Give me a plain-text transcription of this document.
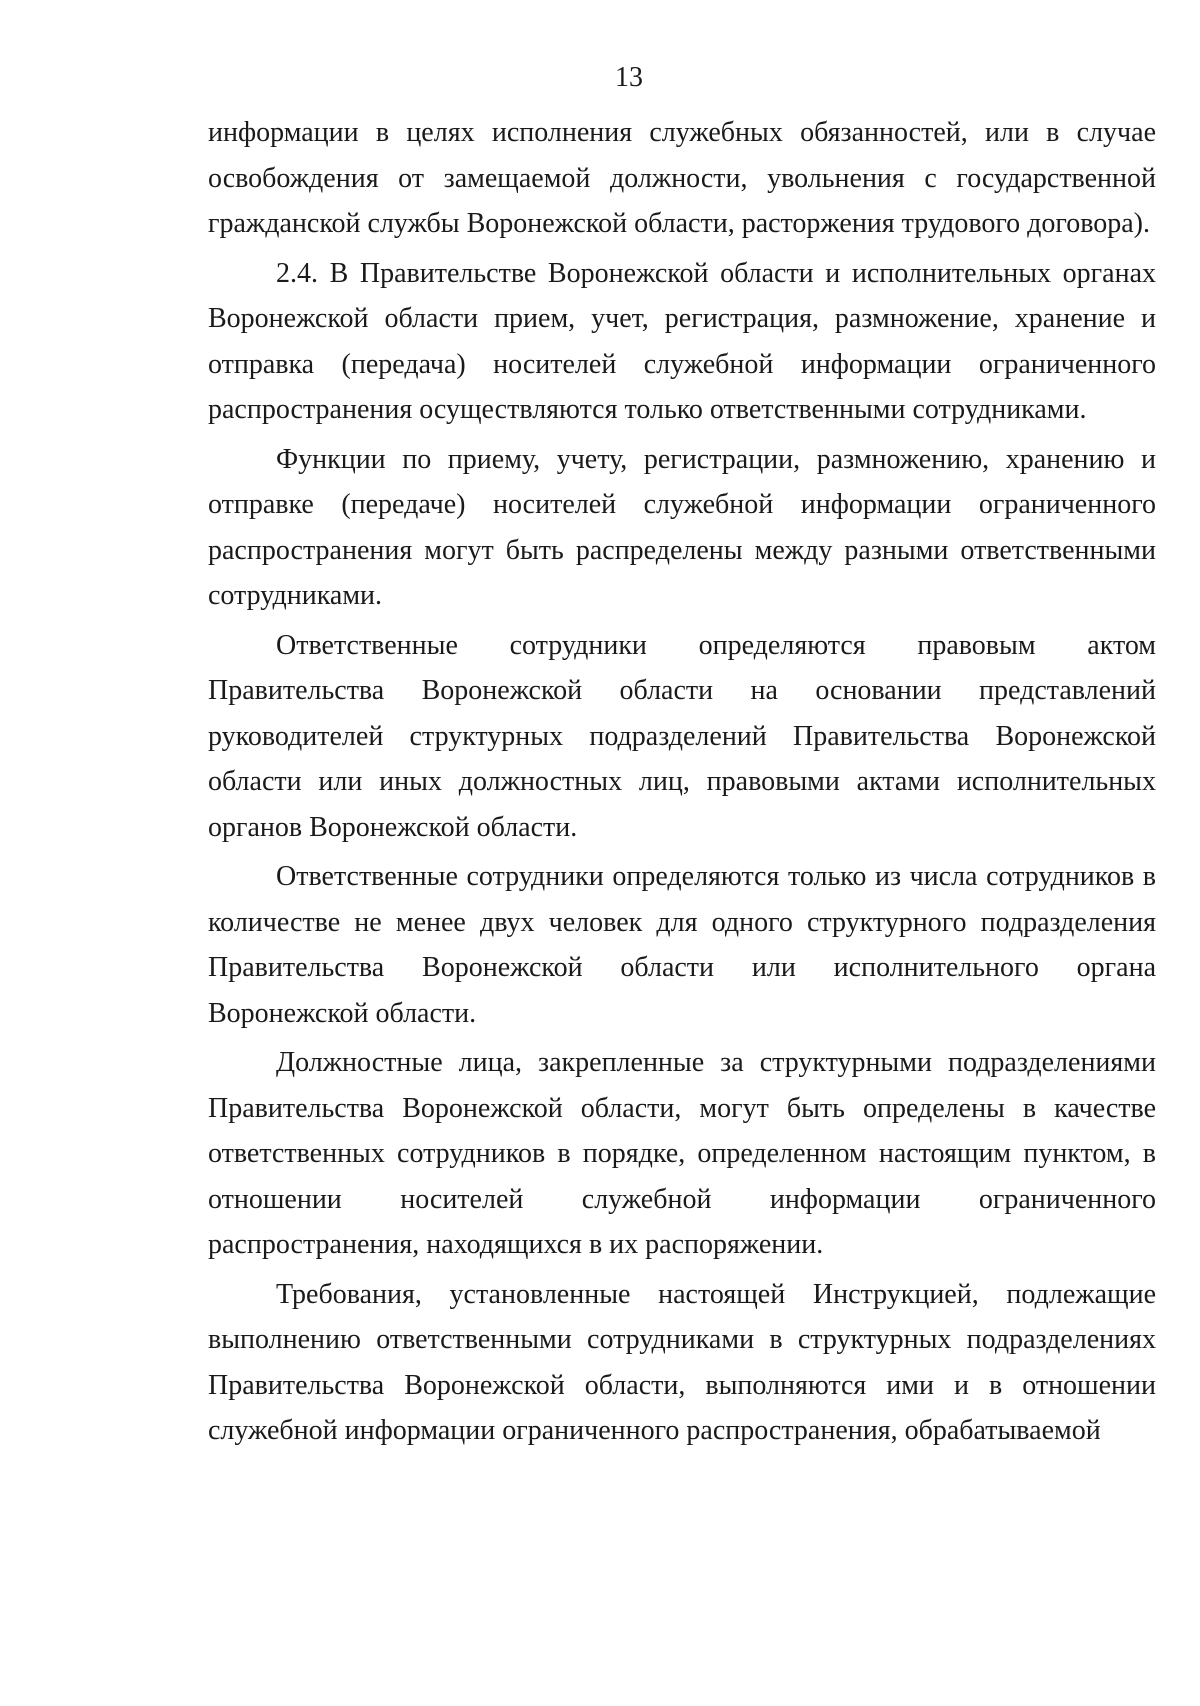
13

информации в целях исполнения служебных обязанностей, или в случае освобождения от замещаемой должности, увольнения с государственной гражданской службы Воронежской области, расторжения трудового договора).

2.4. В Правительстве Воронежской области и исполнительных органах Воронежской области прием, учет, регистрация, размножение, хранение и отправка (передача) носителей служебной информации ограниченного распространения осуществляются только ответственными сотрудниками.

Функции по приему, учету, регистрации, размножению, хранению и отправке (передаче) носителей служебной информации ограниченного распространения могут быть распределены между разными ответственными сотрудниками.

Ответственные сотрудники определяются правовым актом Правительства Воронежской области на основании представлений руководителей структурных подразделений Правительства Воронежской области или иных должностных лиц, правовыми актами исполнительных органов Воронежской области.

Ответственные сотрудники определяются только из числа сотрудников в количестве не менее двух человек для одного структурного подразделения Правительства Воронежской области или исполнительного органа Воронежской области.

Должностные лица, закрепленные за структурными подразделениями Правительства Воронежской области, могут быть определены в качестве ответственных сотрудников в порядке, определенном настоящим пунктом, в отношении носителей служебной информации ограниченного распространения, находящихся в их распоряжении.

Требования, установленные настоящей Инструкцией, подлежащие выполнению ответственными сотрудниками в структурных подразделениях Правительства Воронежской области, выполняются ими и в отношении служебной информации ограниченного распространения, обрабатываемой
